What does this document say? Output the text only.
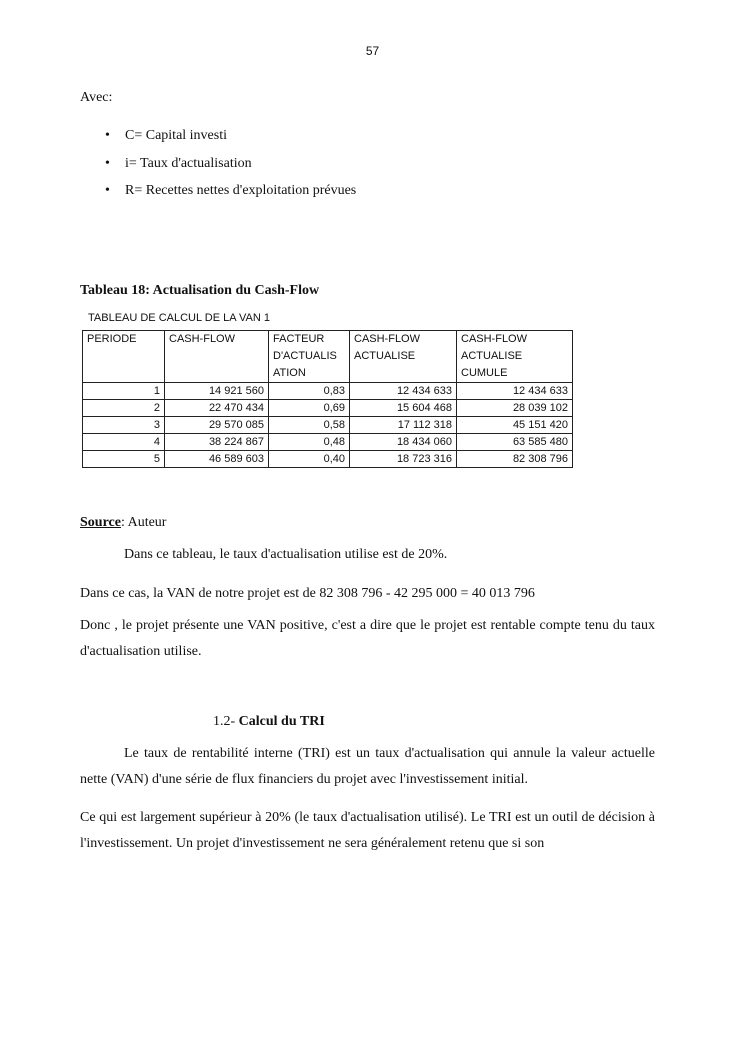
57
Avec:
• C= Capital investi
• i= Taux d'actualisation
• R= Recettes nettes d'exploitation prévues
Tableau 18: Actualisation du Cash-Flow
TABLEAU DE CALCUL DE LA VAN 1
PERIODE	CASH-FLOW	FACTEUR D'ACTUALIS ATION	CASH-FLOW ACTUALISE	CASH-FLOW ACTUALISE CUMULE
1	14 921 560	0,83	12 434 633	12 434 633
2	22 470 434	0,69	15 604 468	28 039 102
3	29 570 085	0,58	17 112 318	45 151 420
4	38 224 867	0,48	18 434 060	63 585 480
5	46 589 603	0,40	18 723 316	82 308 796
Source: Auteur
Dans ce tableau, le taux d'actualisation utilise est de 20%.
Dans ce cas, la VAN de notre projet est de 82 308 796 - 42 295 000 = 40 013 796
Donc , le projet présente une VAN positive, c'est a dire que le projet est rentable compte tenu du taux d'actualisation utilise.
1.2- Calcul du TRI
Le taux de rentabilité interne (TRI) est un taux d'actualisation qui annule la valeur actuelle nette (VAN) d'une série de flux financiers du projet avec l'investissement initial.
Ce qui est largement supérieur à 20% (le taux d'actualisation utilisé). Le TRI est un outil de décision à l'investissement. Un projet d'investissement ne sera généralement retenu que si son
